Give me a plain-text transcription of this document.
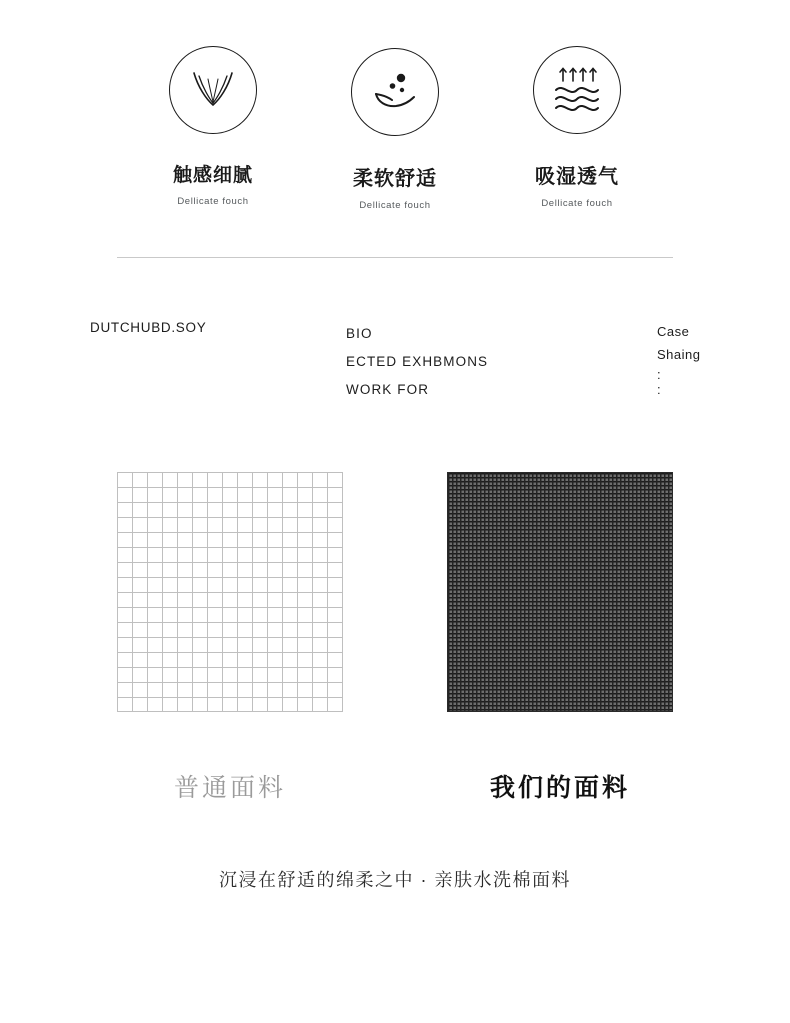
触感细腻
Dellicate fouch
柔软舒适
Dellicate fouch
吸湿透气
Dellicate fouch
DUTCHUBD.SOY	BIO
ECTED EXHBMONS
WORK FOR
Case
Shaing
:
:
普通面料	我们的面料
沉浸在舒适的绵柔之中 · 亲肤水洗棉面料
